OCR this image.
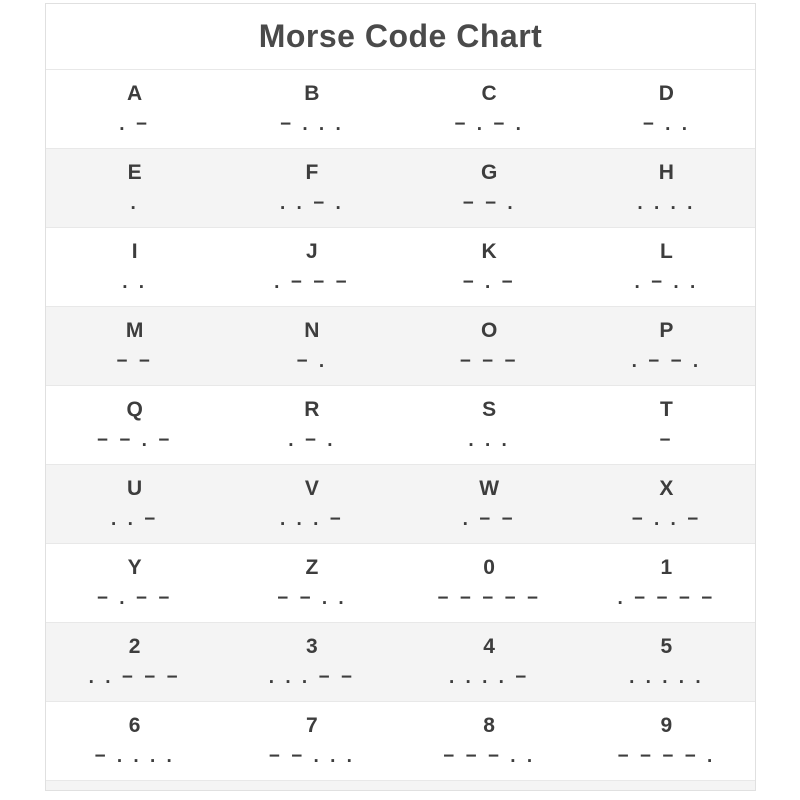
Morse Code Chart
A
. −
B
− . . .
C
− . − .
D
− . .
E
.
F
. . − .
G
− − .
H
. . . .
I
. .
J
. − − −
K
− . −
L
. − . .
M
− −
N
− .
O
− − −
P
. − − .
Q
− − . −
R
. − .
S
. . .
T
−
U
. . −
V
. . . −
W
. − −
X
− . . −
Y
− . − −
Z
− − . .
0
− − − − −
1
. − − − −
2
. . − − −
3
. . . − −
4
. . . . −
5
. . . . .
6
− . . . .
7
− − . . .
8
− − − . .
9
− − − − .
